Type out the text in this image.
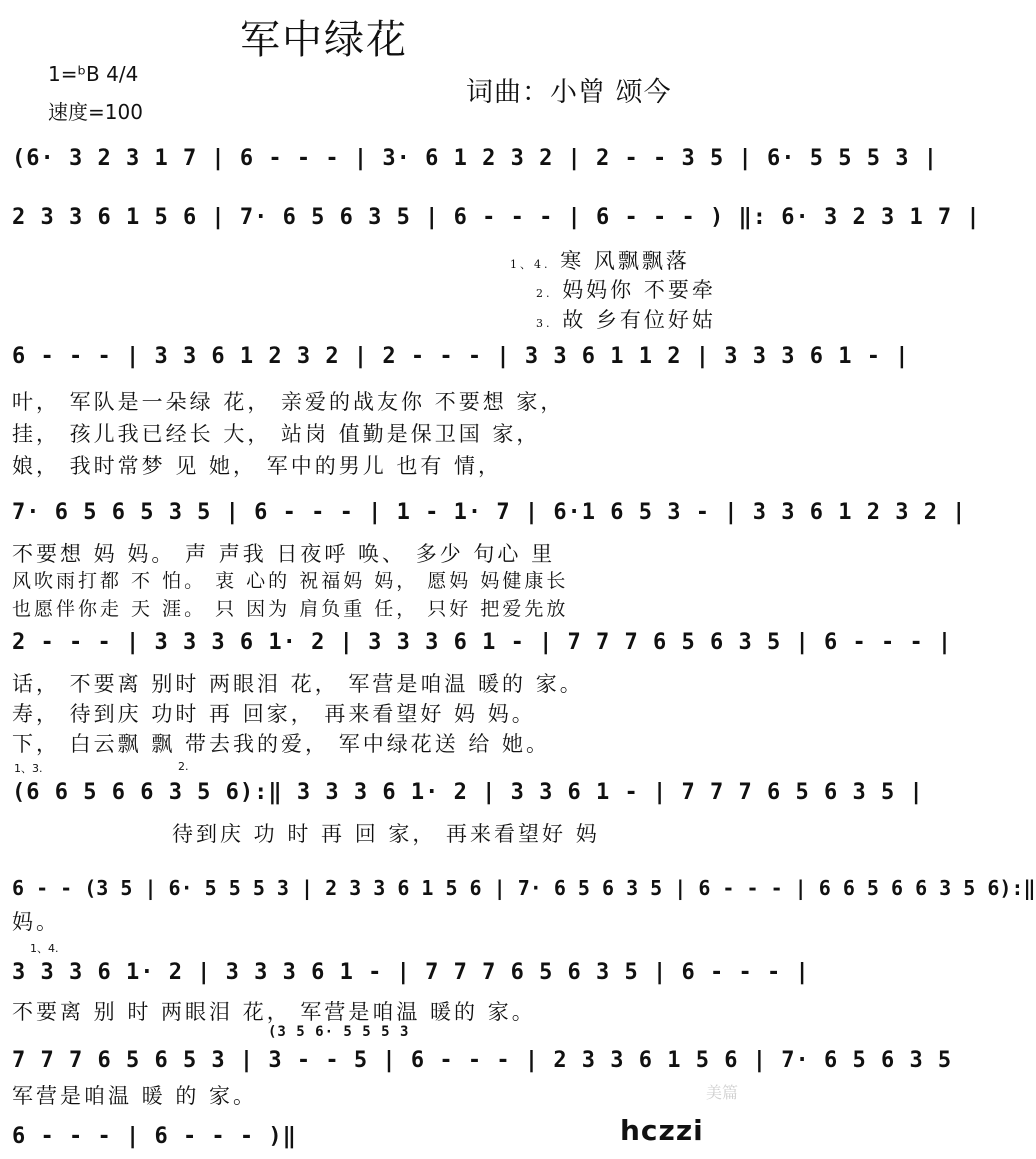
军中绿花
1=ᵇB 4/4
速度=100
词曲：小曾 颂今
(6· 3 2 3 1 7 | 6 - - - | 3· 6 1 2 3 2 | 2 - - 3 5 | 6· 5 5 5 3 |
2 3 3 6 1 5 6 | 7· 6 5 6 3 5 | 6 - - - | 6 - - - ) ‖: 6· 3 2 3 1 7 |
1、4. 寒 风飘飘落
2. 妈妈你 不要牵
3. 故 乡有位好姑
6 - - - | 3 3 6 1 2 3 2 | 2 - - - | 3 3 6 1 1 2 | 3 3 3 6 1 - |
叶， 军队是一朵绿 花， 亲爱的战友你 不要想 家，
挂， 孩儿我已经长 大， 站岗 值勤是保卫国 家，
娘， 我时常梦 见 她， 军中的男儿 也有 情，
7· 6 5 6 5 3 5 | 6 - - - | 1 - 1· 7 | 6·1 6 5 3 - | 3 3 6 1 2 3 2 |
不要想 妈 妈。 声 声我 日夜呼 唤、 多少 句心 里
风吹雨打都 不 怕。 衷 心的 祝福妈 妈， 愿妈 妈健康长
也愿伴你走 天 涯。 只 因为 肩负重 任， 只好 把爱先放
2 - - - | 3 3 3 6 1· 2 | 3 3 3 6 1 - | 7 7 7 6 5 6 3 5 | 6 - - - |
话， 不要离 别时 两眼泪 花， 军营是咱温 暖的 家。
寿， 待到庆 功时 再 回家， 再来看望好 妈 妈。
下， 白云飘 飘 带去我的爱， 军中绿花送 给 她。
1、3.	2.
(6 6 5 6 6 3 5 6):‖ 3 3 3 6 1· 2 | 3 3 6 1 - | 7 7 7 6 5 6 3 5 |
待到庆 功 时 再 回 家， 再来看望好 妈
6 - - (3 5 | 6· 5 5 5 3 | 2 3 3 6 1 5 6 | 7· 6 5 6 3 5 | 6 - - - | 6 6 5 6 6 3 5 6):‖
妈。
1、4.
3 3 3 6 1· 2 | 3 3 3 6 1 - | 7 7 7 6 5 6 3 5 | 6 - - - |
不要离 别 时 两眼泪 花， 军营是咱温 暖的 家。
(3 5 6· 5 5 5 3
7 7 7 6 5 6 5 3 | 3 - - 5 | 6 - - - | 2 3 3 6 1 5 6 | 7· 6 5 6 3 5
军营是咱温 暖 的 家。
6 - - - | 6 - - - )‖
美篇
hczzi
